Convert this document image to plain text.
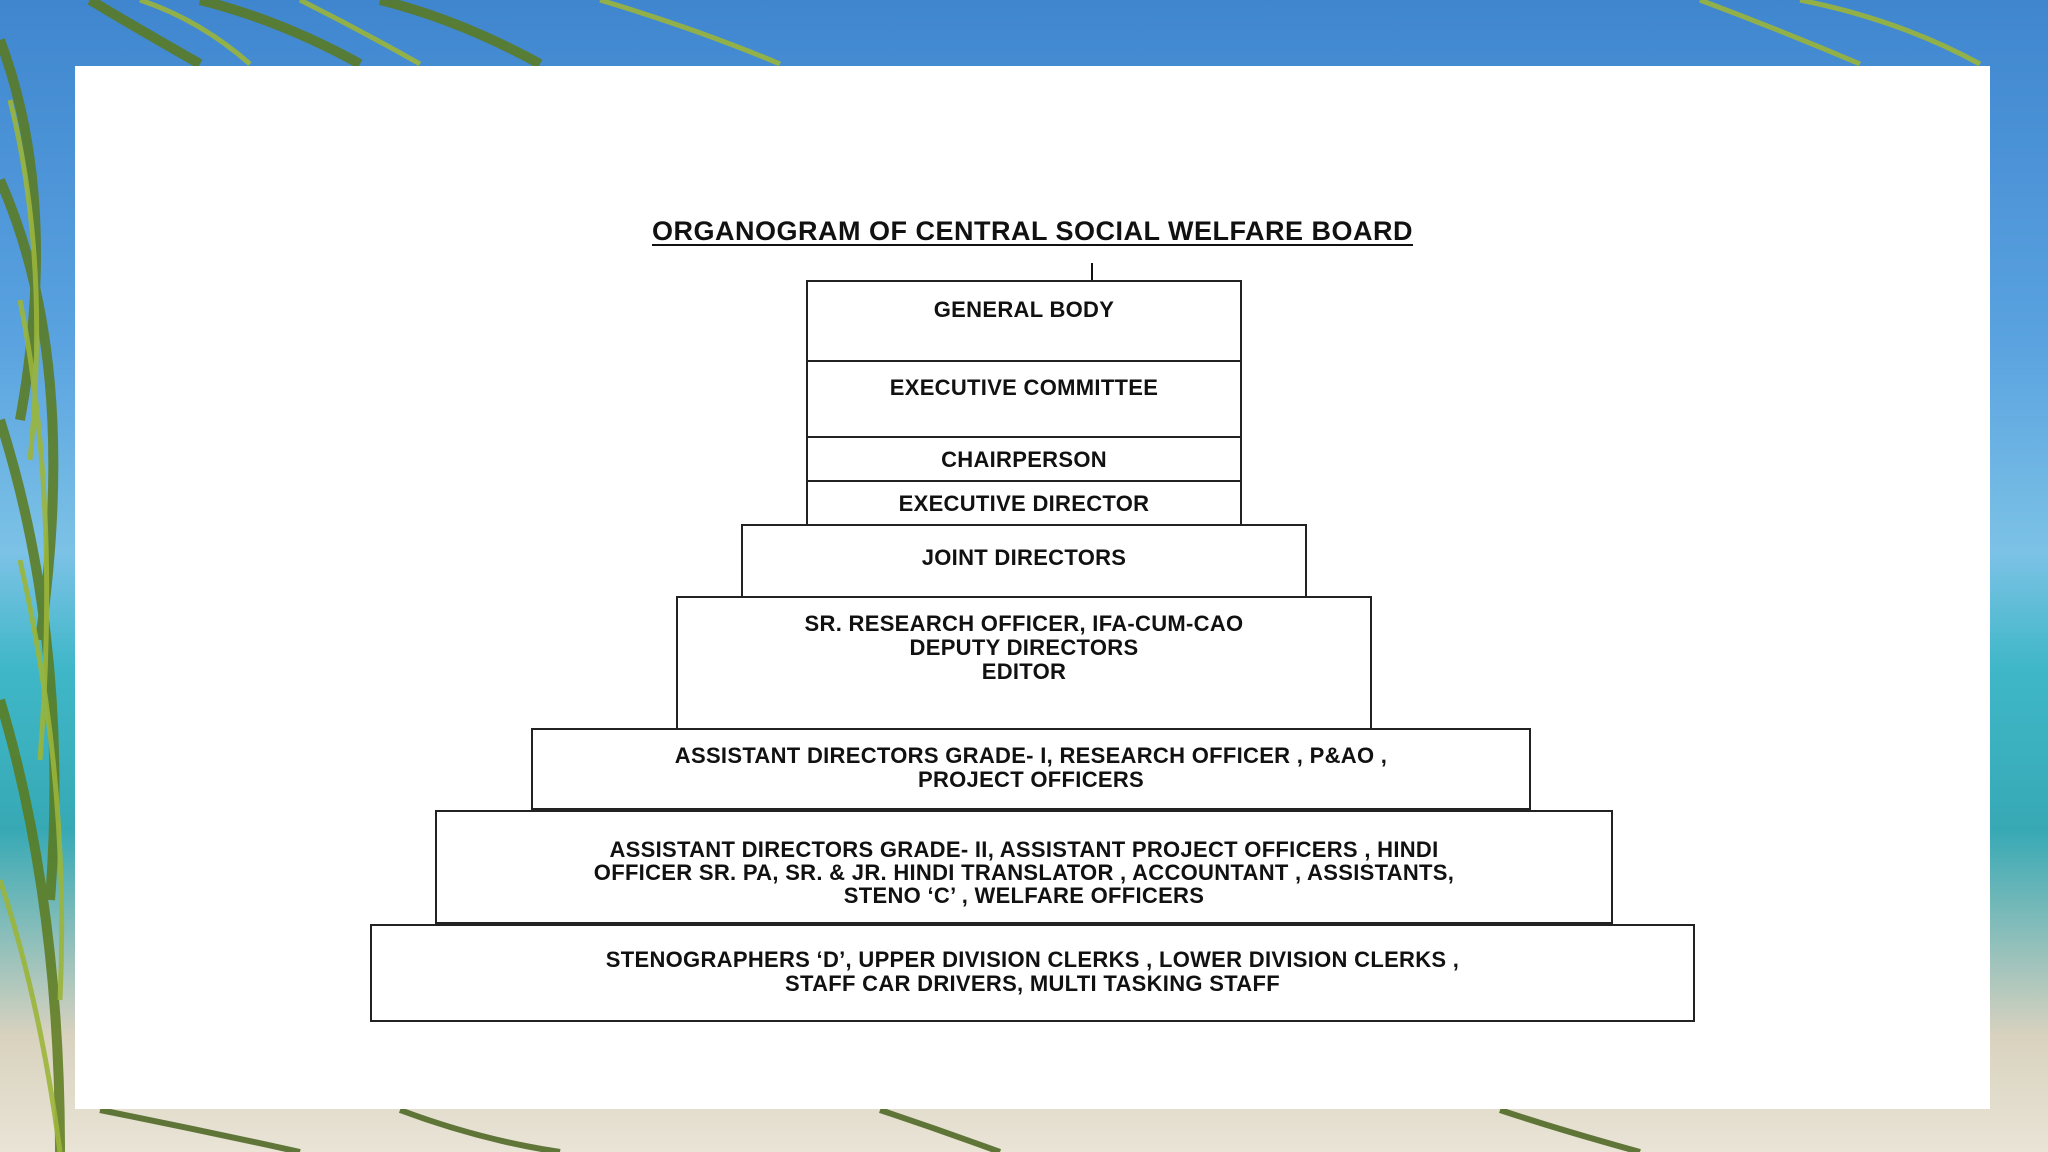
ORGANOGRAM OF CENTRAL SOCIAL WELFARE BOARD
GENERAL BODY
EXECUTIVE COMMITTEE
CHAIRPERSON
EXECUTIVE DIRECTOR
JOINT DIRECTORS
SR. RESEARCH OFFICER, IFA-CUM-CAO
DEPUTY DIRECTORS
EDITOR
ASSISTANT DIRECTORS GRADE- I, RESEARCH OFFICER , P&AO ,
PROJECT OFFICERS
ASSISTANT DIRECTORS GRADE- II, ASSISTANT PROJECT OFFICERS , HINDI
OFFICER SR. PA, SR. & JR. HINDI TRANSLATOR , ACCOUNTANT , ASSISTANTS,
STENO ‘C’ , WELFARE OFFICERS
STENOGRAPHERS ‘D’, UPPER DIVISION CLERKS , LOWER DIVISION CLERKS ,
STAFF CAR DRIVERS, MULTI TASKING STAFF
